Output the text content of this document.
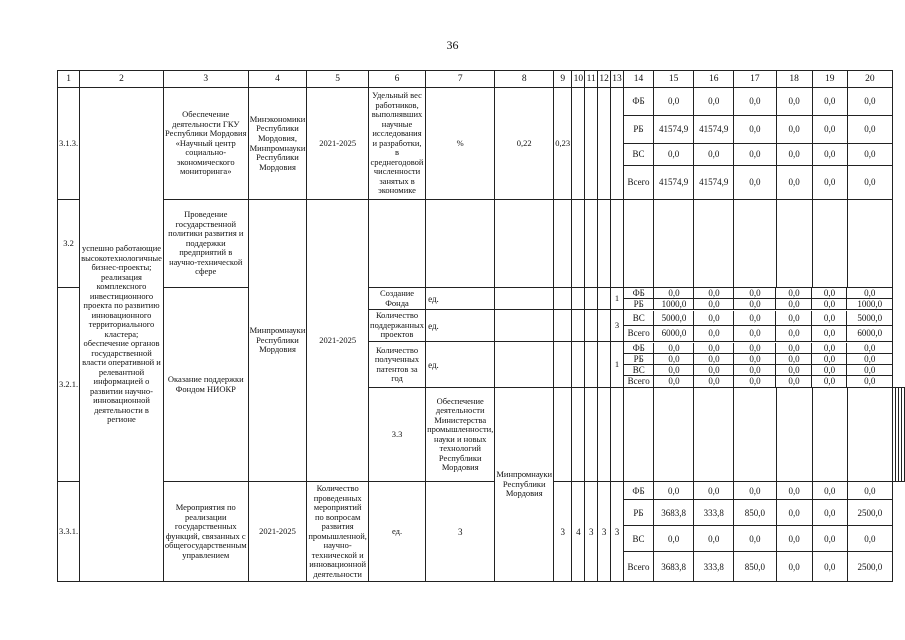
36
1	2	3	4	5	6	7	8	9	10	11	12	13	14	15	16	17	18	19	20
3.1.3.	успешно работающие высокотехнологичные бизнес-проекты; реализация комплексного инвестиционного проекта по развитию инновационного территориального кластера; обеспечение органов государственной власти оперативной и релевантной информацией о развитии научно-инновационной деятельности в регионе	Обеспечение деятельности ГКУ Республики Мордовия «Научный центр социально-экономического мониторинга»	Минэкономики Республики Мордовия, Минпромнауки Республики Мордовия	2021-2025	Удельный вес работников, выполнявших научные исследования и разработки, в среднегодовой численности занятых в экономике	%	0,22	0,23					ФБ	0,0	0,0	0,0	0,0	0,0	0,0
РБ	41574,9	41574,9	0,0	0,0	0,0	0,0
ВС	0,0	0,0	0,0	0,0	0,0	0,0
Всего	41574,9	41574,9	0,0	0,0	0,0	0,0
3.2	Проведение государственной политики развития и поддержки предприятий в научно-технической сфере	Минпромнауки Республики Мордовия	2021-2025															
3.2.1.	Оказание поддержки Фондом НИОКР	Создание Фонда	ед.						1	ФБ	0,0	0,0	0,0	0,0	0,0	0,0
РБ	1000,0	0,0	0,0	0,0	0,0	1000,0

Количество поддержанных проектов	ед.						3	
ВС	5000,0	0,0	0,0	0,0	0,0	5000,0
Всего	6000,0	0,0	0,0	0,0	0,0	6000,0

Количество полученных патентов за год	ед.						1	
ФБ	0,0	0,0	0,0	0,0	0,0	0,0
РБ	0,0	0,0	0,0	0,0	0,0	0,0
ВС	0,0	0,0	0,0	0,0	0,0	0,0
Всего	0,0	0,0	0,0	0,0	0,0	0,0

3.3	Обеспечение деятельности Министерства промышленности, науки и новых технологий Республики Мордовия	Минпромнауки Республики Мордовия																
3.3.1.	Мероприятия по реализации государственных функций, связанных с общегосударственным управлением	2021-2025	Количество проведенных мероприятий по вопросам развития промышленной, научно-технической и инновационной деятельности	ед.	3	3	4	3	3	3	ФБ	0,0	0,0	0,0	0,0	0,0	0,0
РБ	3683,8	333,8	850,0	0,0	0,0	2500,0
ВС	0,0	0,0	0,0	0,0	0,0	0,0
Всего	3683,8	333,8	850,0	0,0	0,0	2500,0
